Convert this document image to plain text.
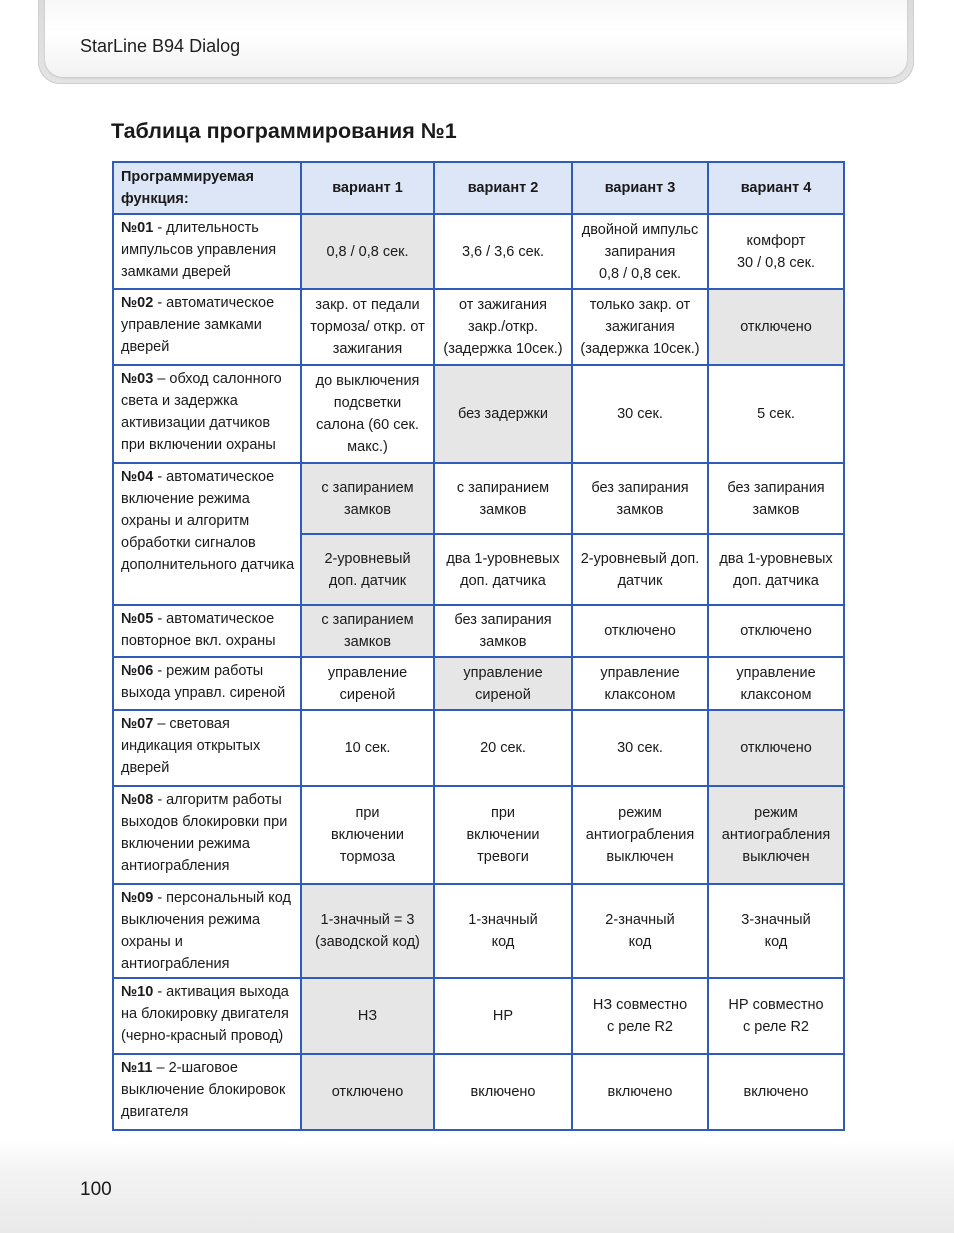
StarLine B94 Dialog
Таблица программирования №1
Программируемая функция:	вариант 1	вариант 2	вариант 3	вариант 4
№01 - длительность импульсов управления замками дверей	0,8 / 0,8 сек.	3,6 / 3,6 сек.	двойной импульс
запирания
0,8 / 0,8 сек.	комфорт
30 / 0,8 сек.
№02 - автоматическое управление замками дверей	закр. от педали
тормоза/ откр. от
зажигания	от зажигания
закр./откр.
(задержка 10сек.)	только закр. от
зажигания
(задержка 10сек.)	отключено
№03 – обход салонного света и задержка активизации датчиков при включении охраны	до выключения
подсветки
салона (60 сек.
макс.)	без задержки	30 сек.	5 сек.
№04 - автоматическое включение режима охраны и алгоритм обработки сигналов дополнительного датчика	с запиранием
замков	с запиранием
замков	без запирания
замков	без запирания
замков
	2-уровневый
доп. датчик	два 1-уровневых
доп. датчика	2-уровневый доп.
датчик	два 1-уровневых
доп. датчика
№05 - автоматическое повторное вкл. охраны	с запиранием
замков	без запирания
замков	отключено	отключено
№06 - режим работы выхода управл. сиреной	управление
сиреной	управление
сиреной	управление
клаксоном	управление
клаксоном
№07 – световая индикация открытых дверей	10 сек.	20 сек.	30 сек.	отключено
№08 - алгоритм работы выходов блокировки при включении режима антиограбления	при
включении
тормоза	при
включении
тревоги	режим
антиограбления
выключен	режим
антиограбления
выключен
№09 - персональный код выключения режима охраны и антиограбления	1-значный = 3
(заводской код)	1-значный
код	2-значный
код	3-значный
код
№10 - активация выхода на блокировку двигателя (черно-красный провод)	НЗ	НР	НЗ совместно
с реле R2	НР совместно
с реле R2
№11 – 2-шаговое выключение блокировок двигателя	отключено	включено	включено	включено
100
